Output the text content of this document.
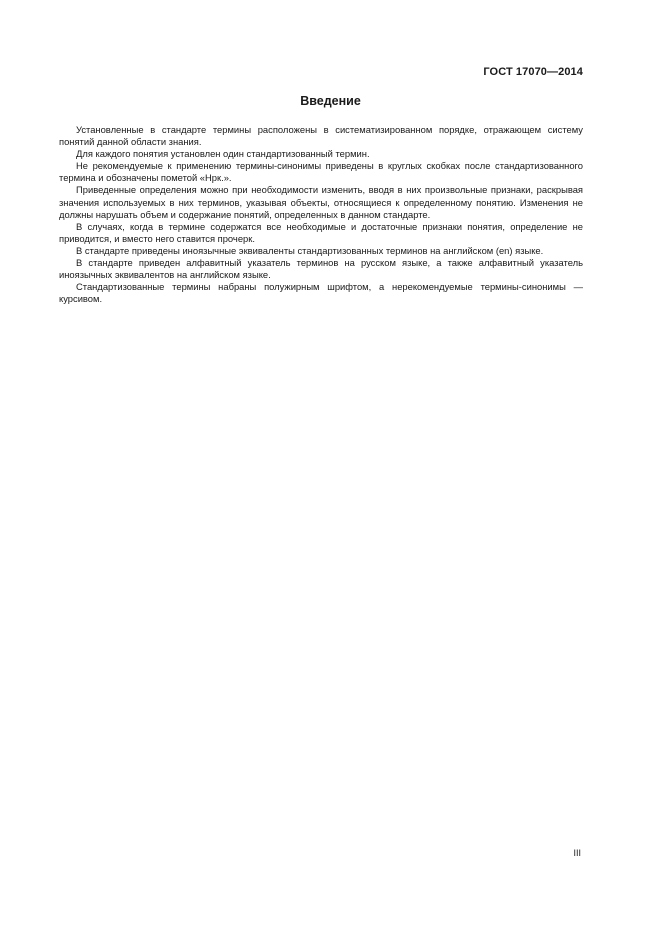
ГОСТ 17070—2014
Введение

Установленные в стандарте термины расположены в систематизированном порядке, отражающем систему понятий данной области знания.

Для каждого понятия установлен один стандартизованный термин.

Не рекомендуемые к применению термины-синонимы приведены в круглых скобках после стандартизованного термина и обозначены пометой «Нрк.».

Приведенные определения можно при необходимости изменить, вводя в них произвольные признаки, раскрывая значения используемых в них терминов, указывая объекты, относящиеся к определенному понятию. Изменения не должны нарушать объем и содержание понятий, определенных в данном стандарте.

В случаях, когда в термине содержатся все необходимые и достаточные признаки понятия, определение не приводится, и вместо него ставится прочерк.

В стандарте приведены иноязычные эквиваленты стандартизованных терминов на английском (en) языке.

В стандарте приведен алфавитный указатель терминов на русском языке, а также алфавитный указатель иноязычных эквивалентов на английском языке.

Стандартизованные термины набраны полужирным шрифтом, а нерекомендуемые термины-синонимы — курсивом.

III
